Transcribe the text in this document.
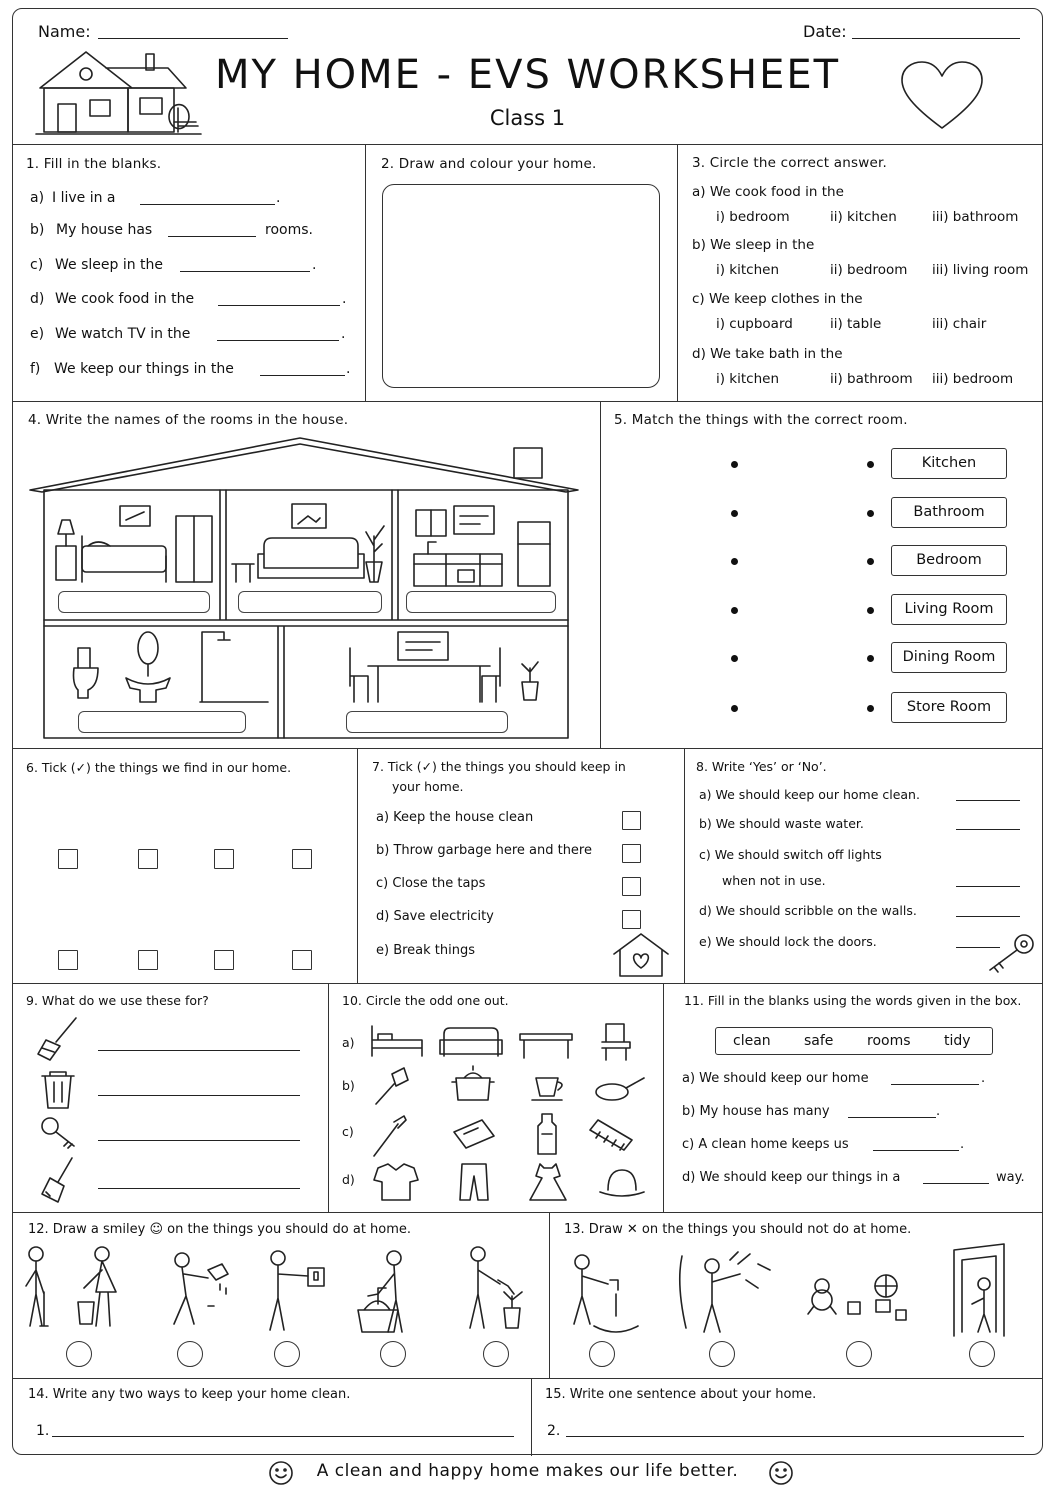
Name:	Date:
MY HOME - EVS WORKSHEET
Class 1
1. Fill in the blanks.	2. Draw and colour your home.	3. Circle the correct answer.
4. Write the names of the rooms in the house.	5. Match the things with the correct room.
6. Tick (✓) the things we find in our home.	7. Tick (✓) the things you should keep in
your home.
8. Write ‘Yes’ or ‘No’.
9. What do we use these for?	10. Circle the odd one out.	11. Fill in the blanks using the words given in the box.
12. Draw a smiley ☺ on the things you should do at home.	13. Draw ✕ on the things you should not do at home.
14. Write any two ways to keep your home clean.
1.
15. Write one sentence about your home.
2.
A clean and happy home makes our life better.
a) I live in a	.
b) My house has	rooms.
c) We sleep in the	.
d) We cook food in the	.
e) We watch TV in the	.
f) We keep our things in the	.
a) We cook food in the
i) bedroom	ii) kitchen	iii) bathroom
b) We sleep in the
i) kitchen	ii) bedroom iii) living room
c) We keep clothes in the
i) cupboard	ii) table	iii) chair
d) We take bath in the
i) kitchen	ii) bathroom iii) bedroom
Kitchen
Bathroom
Bedroom
Living Room
Dining Room
Store Room
a) Keep the house clean
b) Throw garbage here and there
c) Close the taps
d) Save electricity
e) Break things
a) We should keep our home clean.
b) We should waste water.
c) We should switch off lights
when not in use.
d) We should scribble on the walls.
e) We should lock the doors.
a)
b)
c)
d)
clean safe rooms tidy
a) We should keep our home	.
b) My house has many	.
c) A clean home keeps us	.
d) We should keep our things in a	way.
